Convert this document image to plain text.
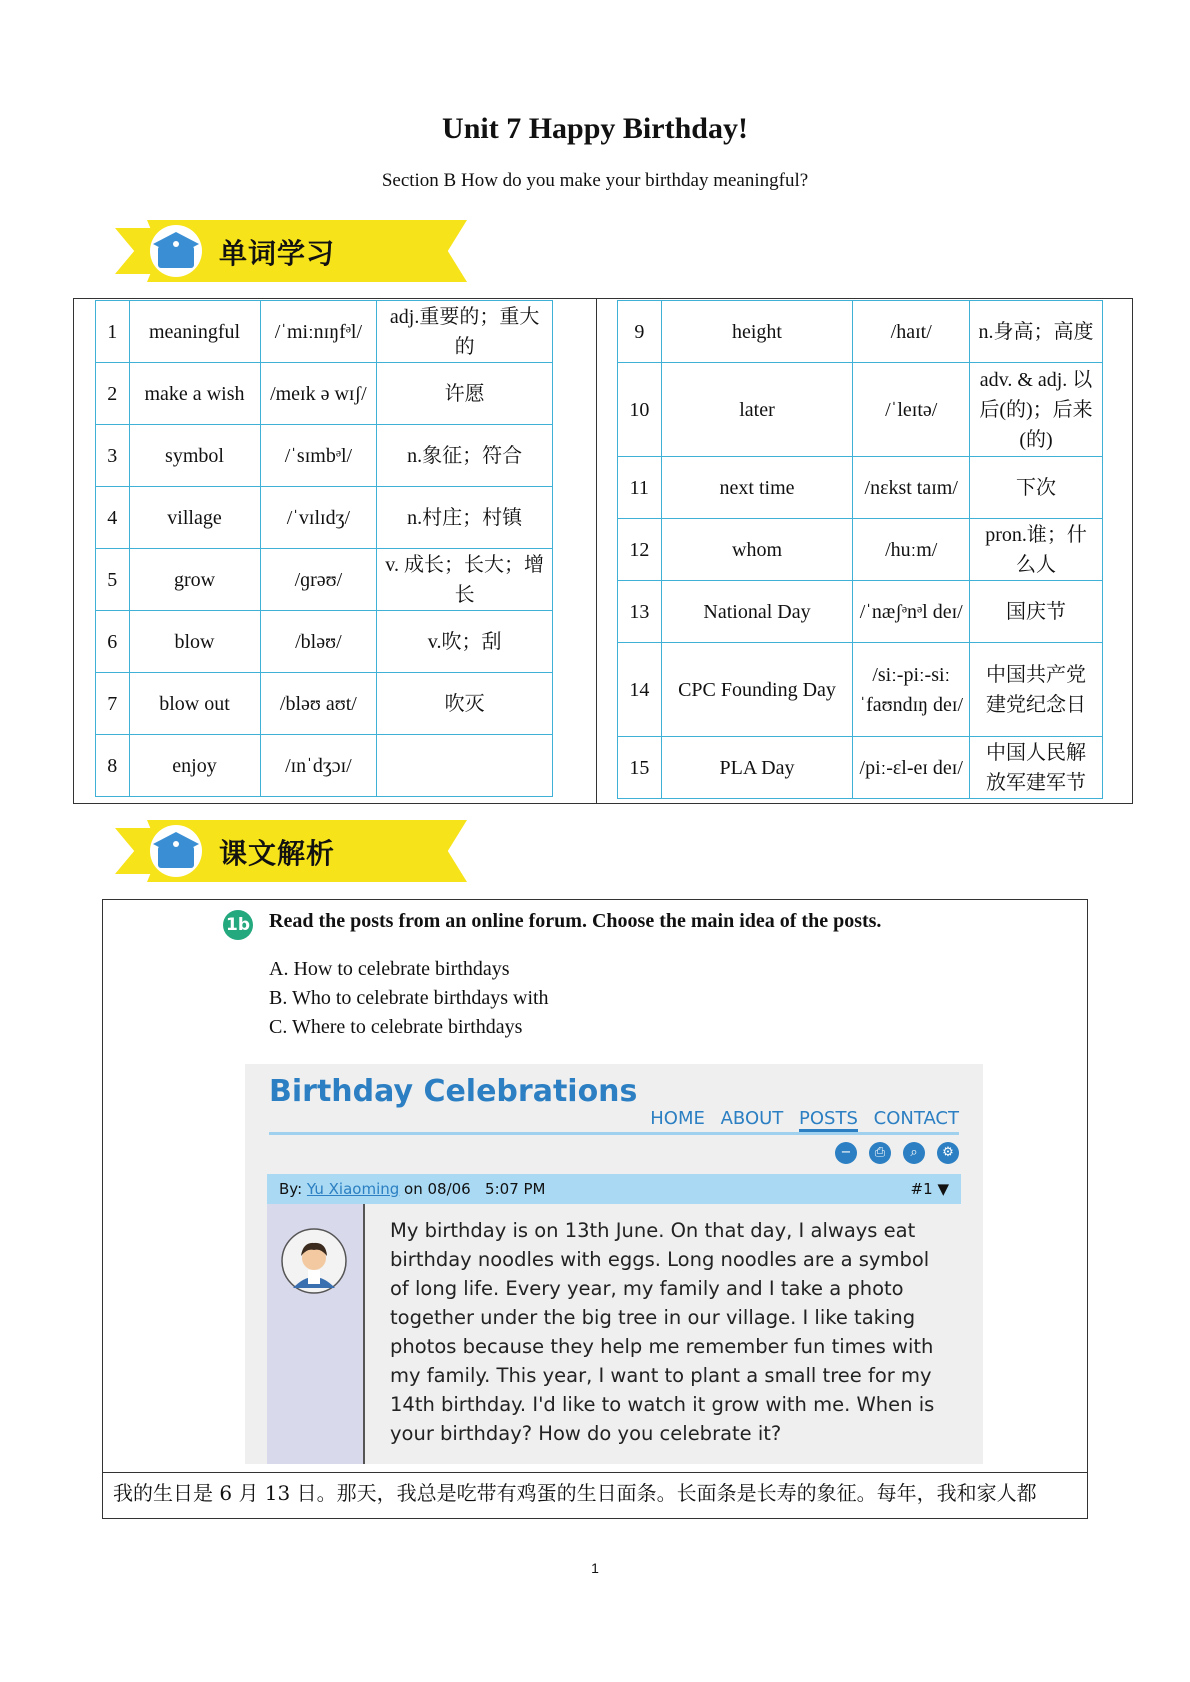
Unit 7 Happy Birthday!
Section B How do you make your birthday meaningful?
单词学习
1	meaningful	/ˈmiːnɪŋfᵊl/	adj.重要的；重大的
2	make a wish	/meɪk ə wɪʃ/	许愿
3	symbol	/ˈsɪmbᵊl/	n.象征；符合
4	village	/ˈvɪlɪdʒ/	n.村庄；村镇
5	grow	/ɡrəʊ/	v. 成长；长大；增长
6	blow	/bləʊ/	v.吹；刮
7	blow out	/bləʊ aʊt/	吹灭
8	enjoy	/ɪnˈdʒɔɪ/	
9	height	/haɪt/	n.身高；高度
10	later	/ˈleɪtə/	adv. & adj. 以后(的)；后来(的)
11	next time	/nɛkst taɪm/	下次
12	whom	/huːm/	pron.谁；什么人
13	National Day	/ˈnæʃᵊnᵊl deɪ/	国庆节
14	CPC Founding Day	/siː-piː-siː ˈfaʊndɪŋ deɪ/	中国共产党建党纪念日
15	PLA Day	/piː-ɛl-eɪ deɪ/	中国人民解放军建军节
课文解析
1b Read the posts from an online forum. Choose the main idea of the posts.
A. How to celebrate birthdays
B. Who to celebrate birthdays with
C. Where to celebrate birthdays
Birthday Celebrations
HOME ABOUT POSTS CONTACT
− ⎙ ⌕ ⚙
By: Yu Xiaoming on 08/06 5:07 PM	#1 ▼
My birthday is on 13th June. On that day, I always eat birthday noodles with eggs. Long noodles are a symbol of long life. Every year, my family and I take a photo together under the big tree in our village. I like taking photos because they help me remember fun times with my family. This year, I want to plant a small tree for my 14th birthday. I'd like to watch it grow with me. When is your birthday? How do you celebrate it?
我的生日是 6 月 13 日。那天，我总是吃带有鸡蛋的生日面条。长面条是长寿的象征。每年，我和家人都
1
